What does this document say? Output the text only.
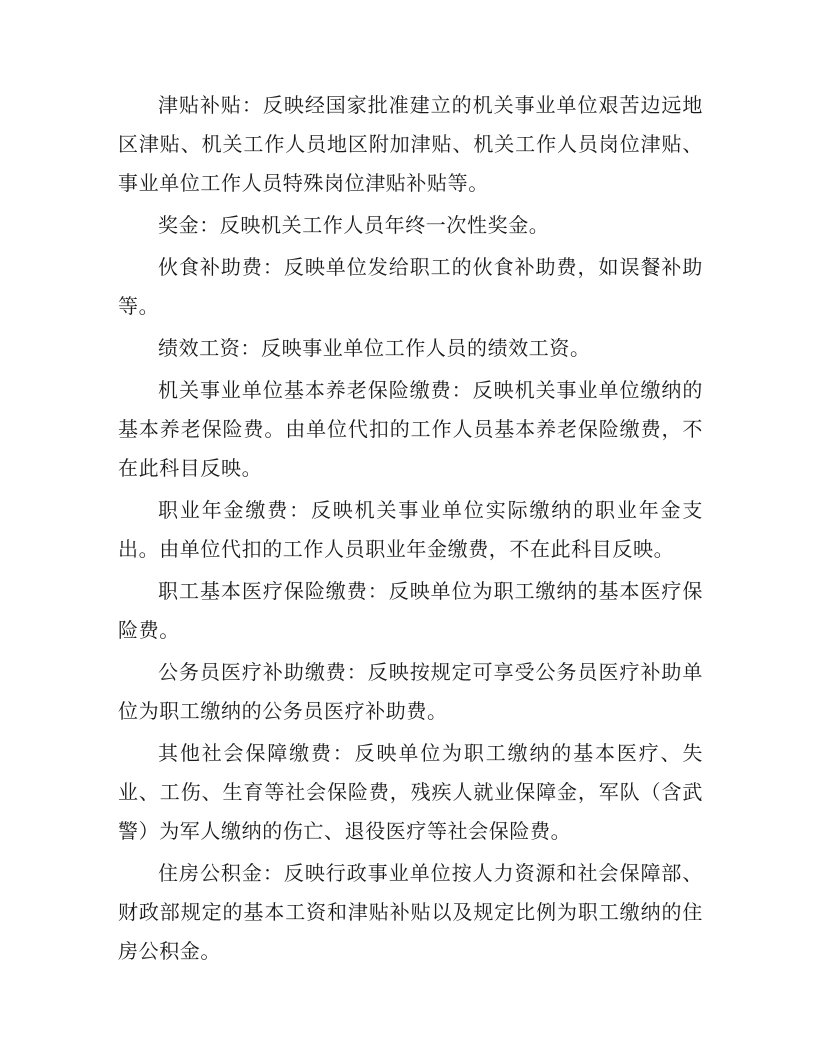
津贴补贴：反映经国家批准建立的机关事业单位艰苦边远地区津贴、机关工作人员地区附加津贴、机关工作人员岗位津贴、事业单位工作人员特殊岗位津贴补贴等。

奖金：反映机关工作人员年终一次性奖金。

伙食补助费：反映单位发给职工的伙食补助费，如误餐补助等。

绩效工资：反映事业单位工作人员的绩效工资。

机关事业单位基本养老保险缴费：反映机关事业单位缴纳的基本养老保险费。由单位代扣的工作人员基本养老保险缴费，不在此科目反映。

职业年金缴费：反映机关事业单位实际缴纳的职业年金支出。由单位代扣的工作人员职业年金缴费，不在此科目反映。

职工基本医疗保险缴费：反映单位为职工缴纳的基本医疗保险费。

公务员医疗补助缴费：反映按规定可享受公务员医疗补助单位为职工缴纳的公务员医疗补助费。

其他社会保障缴费：反映单位为职工缴纳的基本医疗、失业、工伤、生育等社会保险费，残疾人就业保障金，军队（含武警）为军人缴纳的伤亡、退役医疗等社会保险费。

住房公积金：反映行政事业单位按人力资源和社会保障部、财政部规定的基本工资和津贴补贴以及规定比例为职工缴纳的住房公积金。
